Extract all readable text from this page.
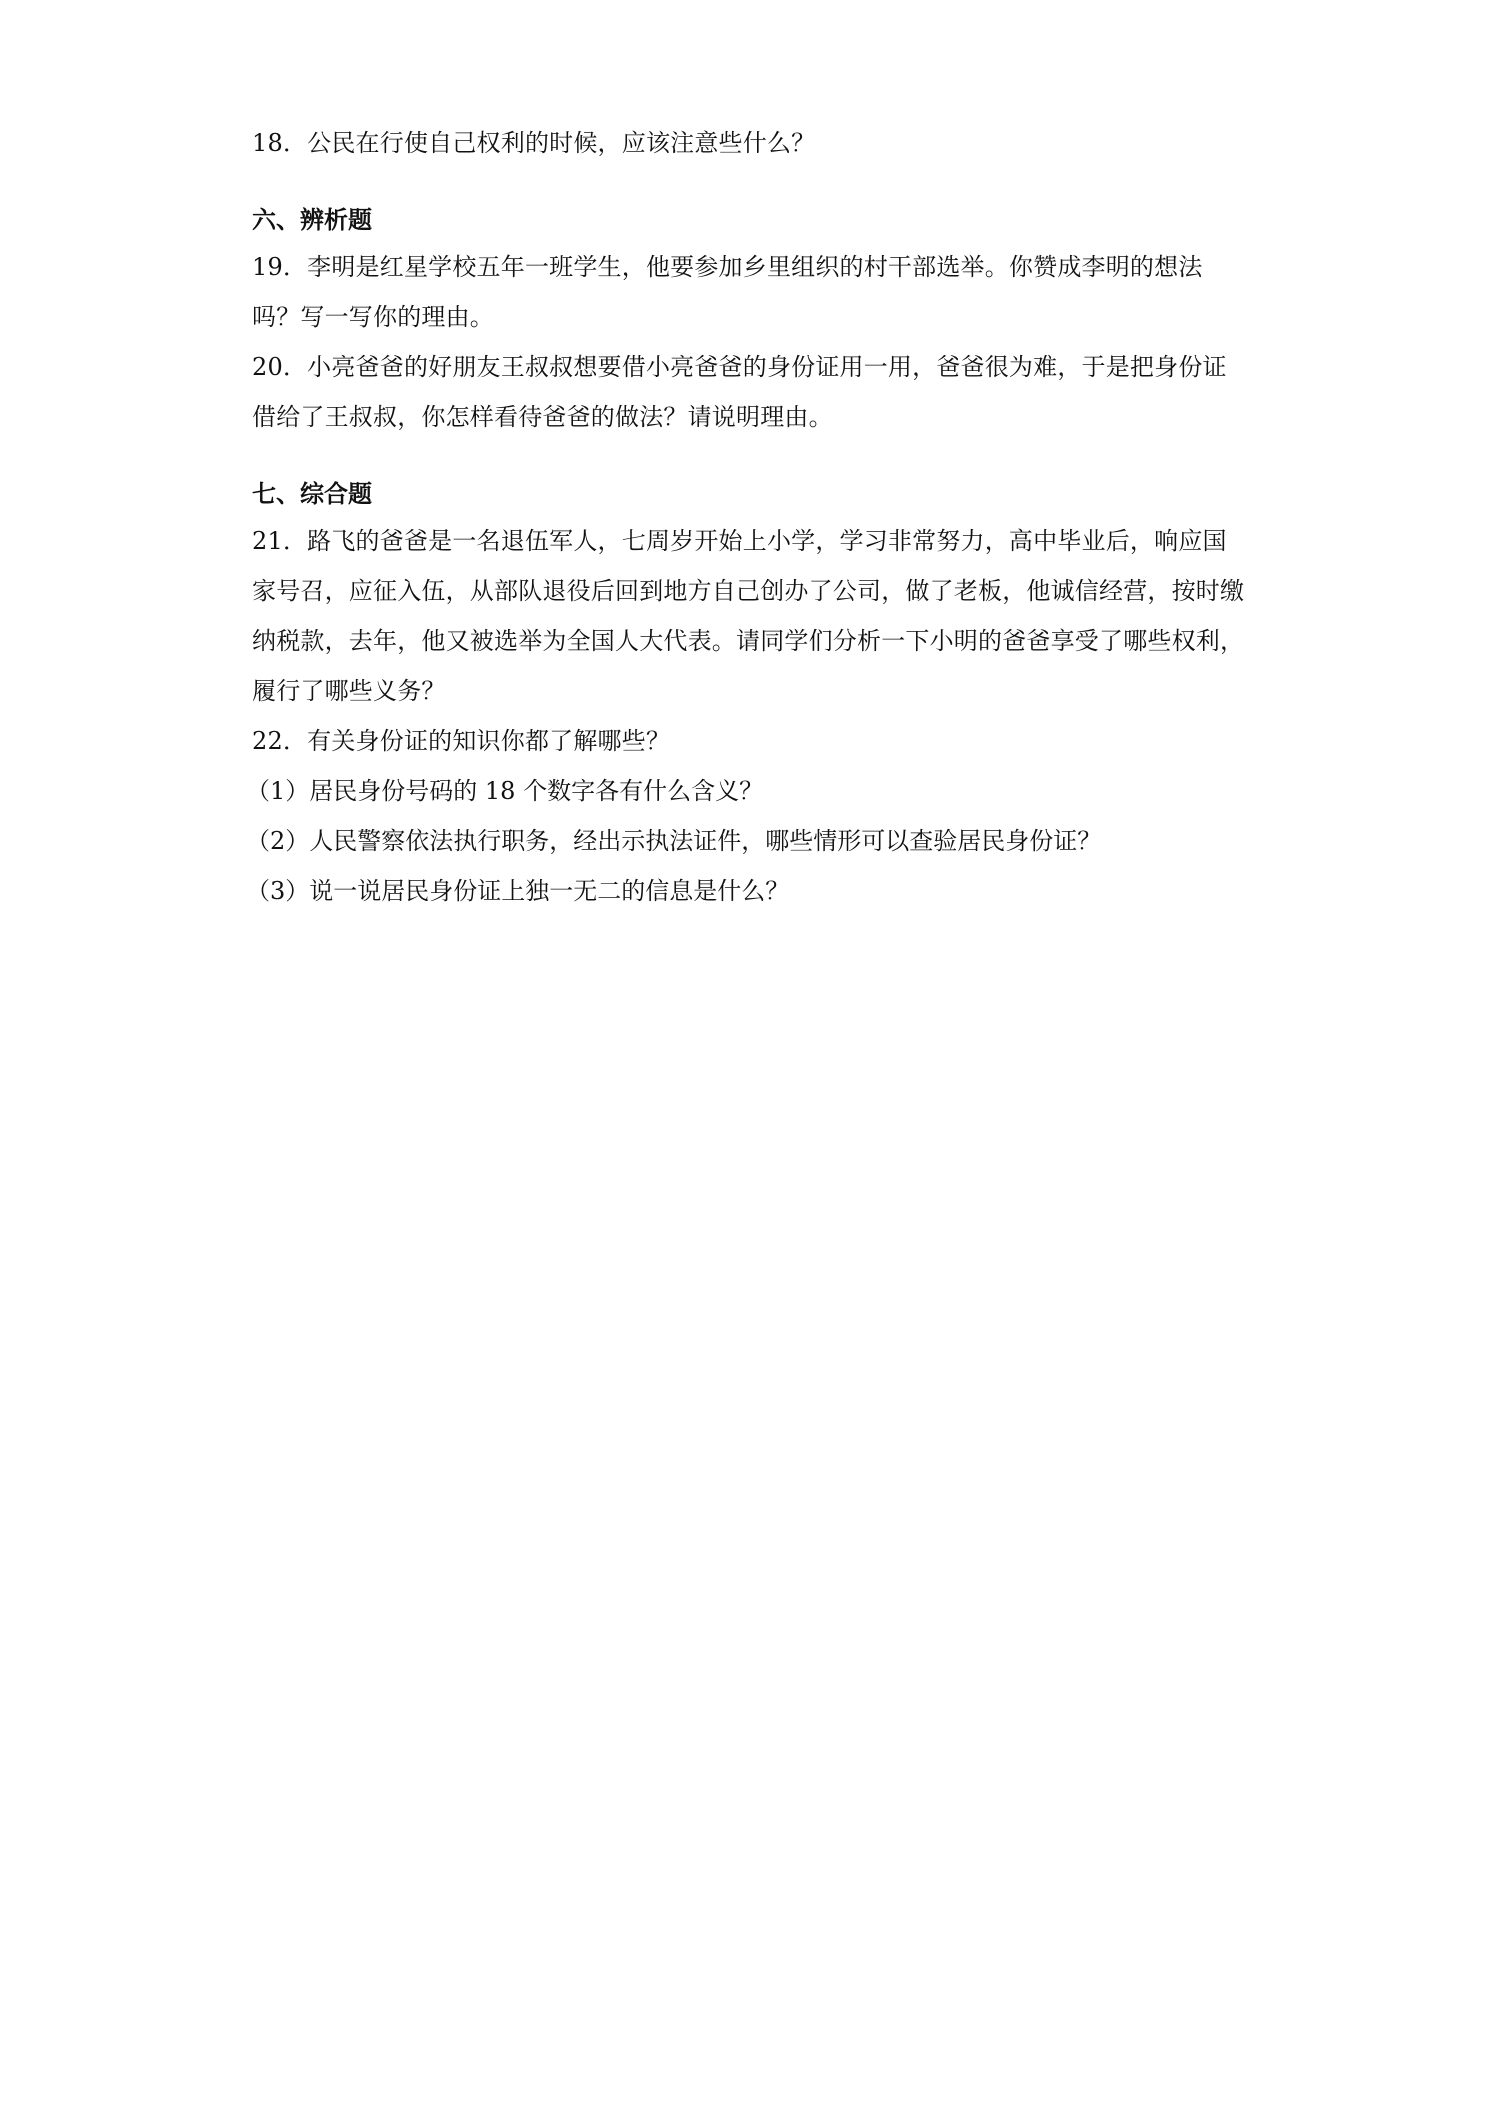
18．公民在行使自己权利的时候，应该注意些什么？

六、辨析题

19．李明是红星学校五年一班学生，他要参加乡里组织的村干部选举。你赞成李明的想法吗？写一写你的理由。

20．小亮爸爸的好朋友王叔叔想要借小亮爸爸的身份证用一用，爸爸很为难，于是把身份证借给了王叔叔，你怎样看待爸爸的做法？请说明理由。

七、综合题

21．路飞的爸爸是一名退伍军人，七周岁开始上小学，学习非常努力，高中毕业后，响应国家号召，应征入伍，从部队退役后回到地方自己创办了公司，做了老板，他诚信经营，按时缴纳税款，去年，他又被选举为全国人大代表。请同学们分析一下小明的爸爸享受了哪些权利，履行了哪些义务？

22．有关身份证的知识你都了解哪些？

（1）居民身份号码的 18 个数字各有什么含义？

（2）人民警察依法执行职务，经出示执法证件，哪些情形可以查验居民身份证？

（3）说一说居民身份证上独一无二的信息是什么？
